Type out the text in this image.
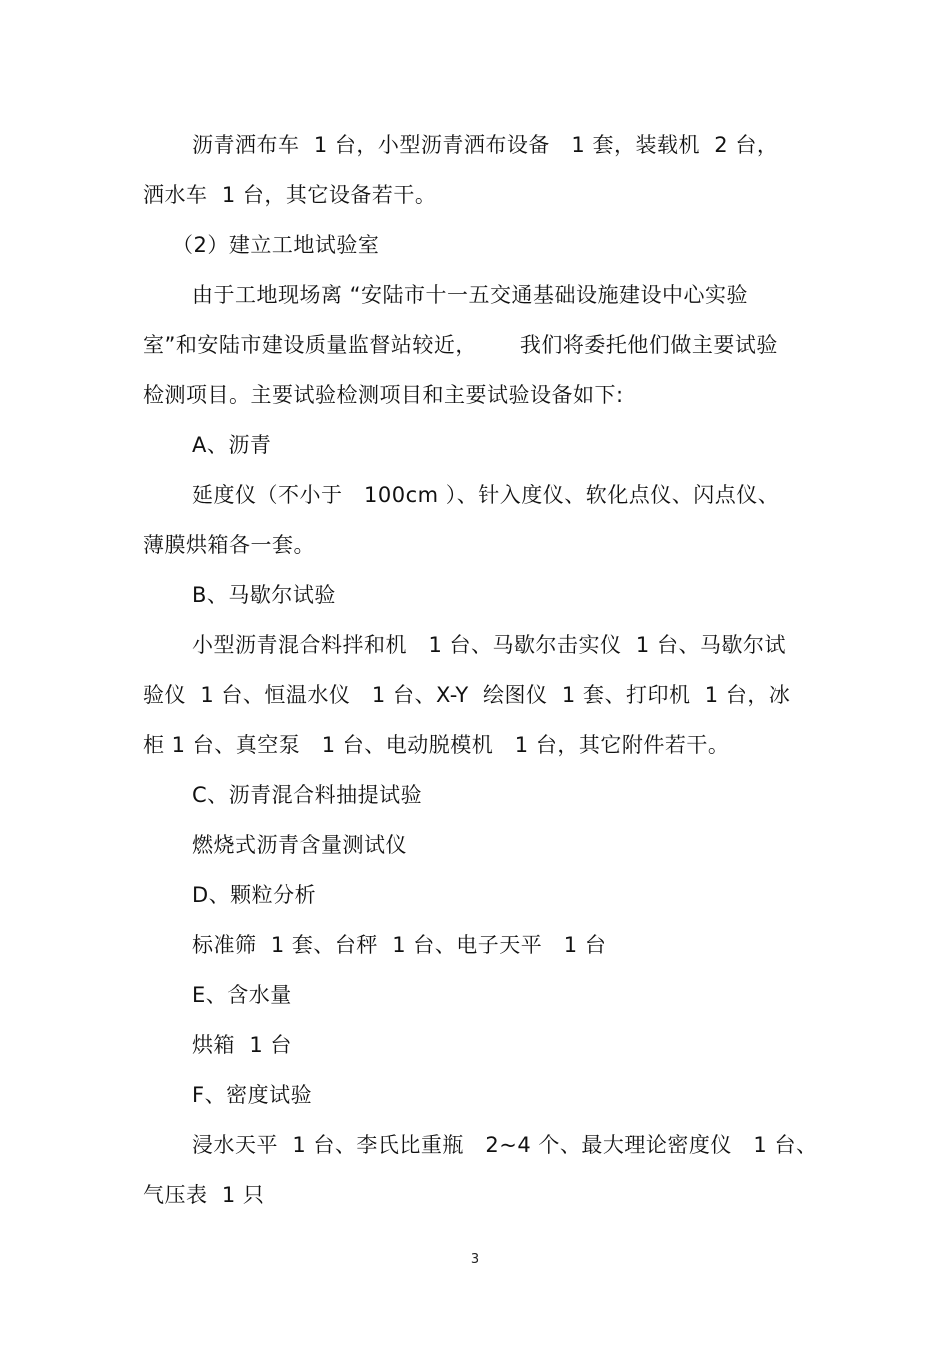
沥青洒布车  1 台，小型沥青洒布设备   1 套，装载机  2 台，
洒水车  1 台，其它设备若干。
（2）建立工地试验室
由于工地现场离 “安陆市十一五交通基础设施建设中心实验
室”和安陆市建设质量监督站较近，      我们将委托他们做主要试验
检测项目。主要试验检测项目和主要试验设备如下:
A、沥青
延度仪（不小于   100cm ）、针入度仪、软化点仪、闪点仪、
薄膜烘箱各一套。
B、马歇尔试验
小型沥青混合料拌和机   1 台、马歇尔击实仪  1 台、马歇尔试
验仪  1 台、恒温水仪   1 台、X-Y  绘图仪  1 套、打印机  1 台，冰
柜 1 台、真空泵   1 台、电动脱模机   1 台，其它附件若干。
C、沥青混合料抽提试验
燃烧式沥青含量测试仪
D、颗粒分析
标准筛  1 套、台秤  1 台、电子天平   1 台
E、含水量
烘箱  1 台
F、密度试验
浸水天平  1 台、李氏比重瓶   2~4 个、最大理论密度仪   1 台、
气压表  1 只
3
